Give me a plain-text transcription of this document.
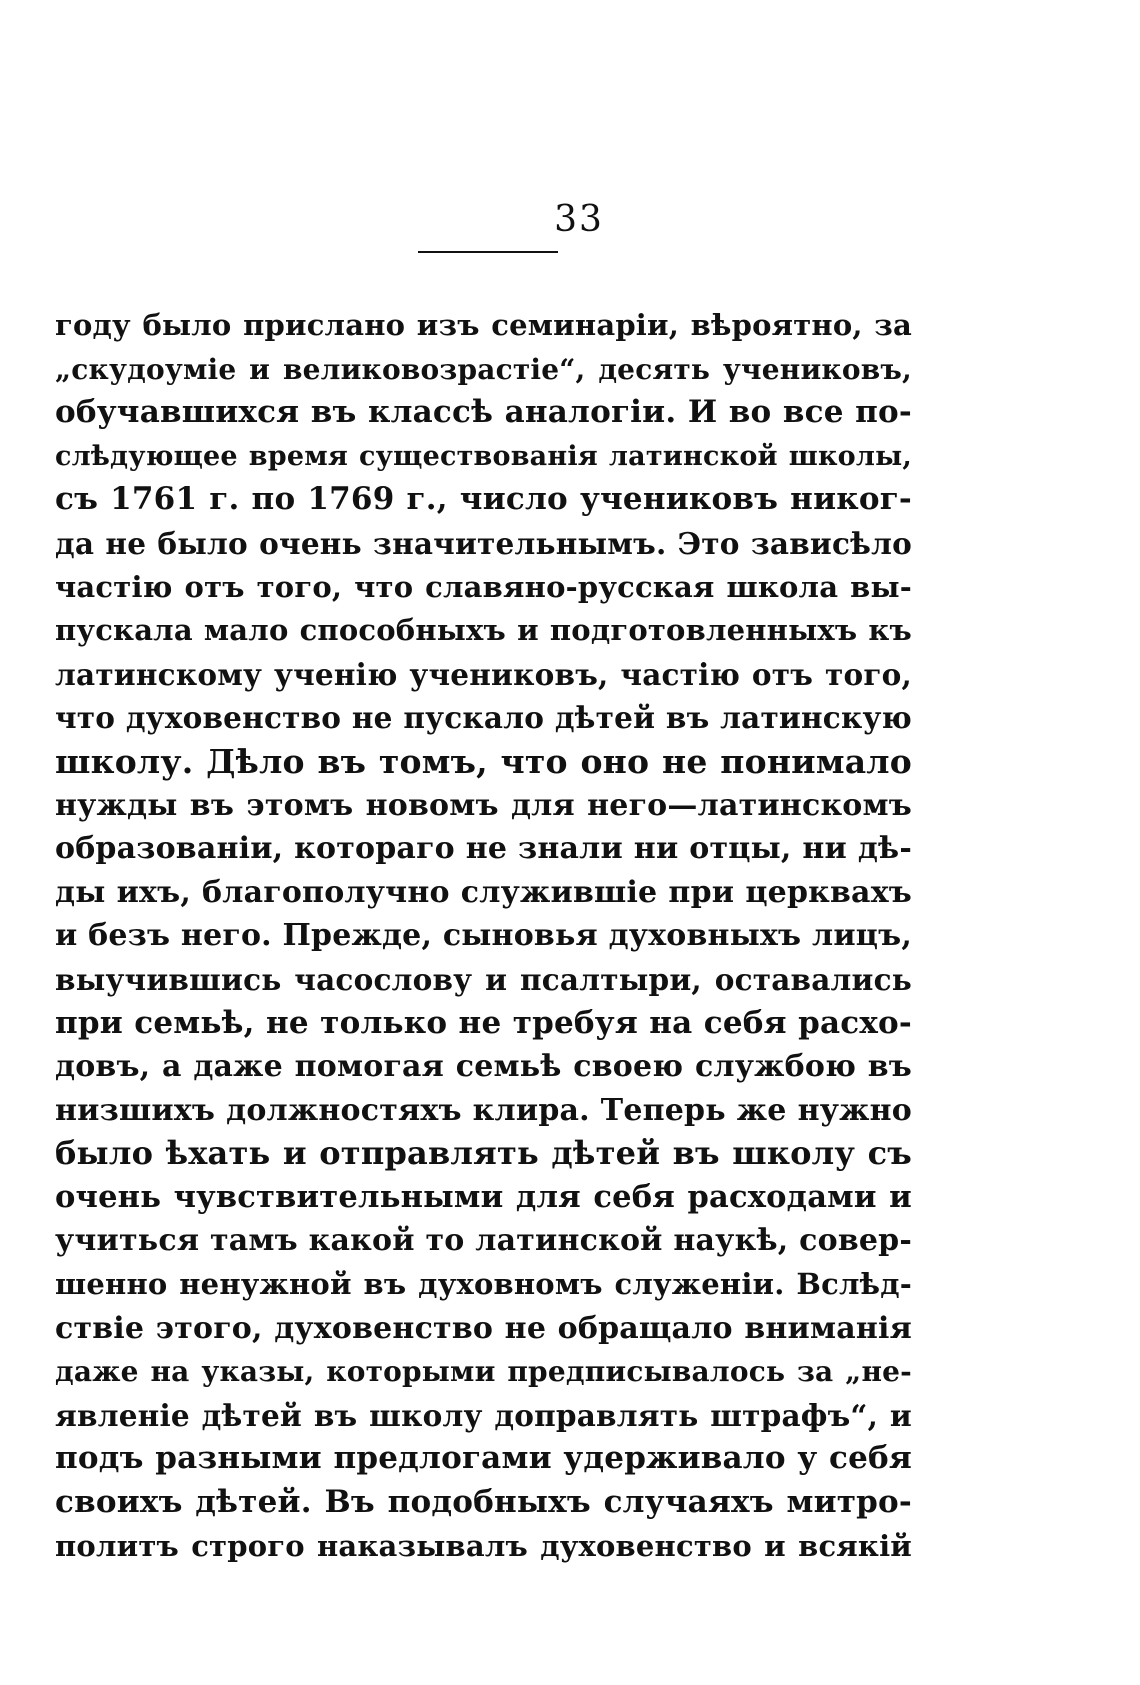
33
году было прислано изъ семинаріи, вѣроятно, за
„скудоуміе и великовозрастіе“, десять учениковъ,
обучавшихся въ классѣ аналогіи. И во все по-
слѣдующее время существованія латинской школы,
съ 1761 г. по 1769 г., число учениковъ никог-
да не было очень значительнымъ. Это зависѣло
частію отъ того, что славяно-русская школа вы-
пускала мало способныхъ и подготовленныхъ къ
латинскому ученію учениковъ, частію отъ того,
что духовенство не пускало дѣтей въ латинскую
школу. Дѣло въ томъ, что оно не понимало
нужды въ этомъ новомъ для него—латинскомъ
образованіи, котораго не знали ни отцы, ни дѣ-
ды ихъ, благополучно служившіе при церквахъ
и безъ него. Прежде, сыновья духовныхъ лицъ,
выучившись часослову и псалтыри, оставались
при семьѣ, не только не требуя на себя расхо-
довъ, а даже помогая семьѣ своею службою въ
низшихъ должностяхъ клира. Теперь же нужно
было ѣхать и отправлять дѣтей въ школу съ
очень чувствительными для себя расходами и
учиться тамъ какой то латинской наукѣ, совер-
шенно ненужной въ духовномъ служеніи. Вслѣд-
ствіе этого, духовенство не обращало вниманія
даже на указы, которыми предписывалось за „не-
явленіе дѣтей въ школу доправлять штрафъ“, и
подъ разными предлогами удерживало у себя
своихъ дѣтей. Въ подобныхъ случаяхъ митро-
политъ строго наказывалъ духовенство и всякій
